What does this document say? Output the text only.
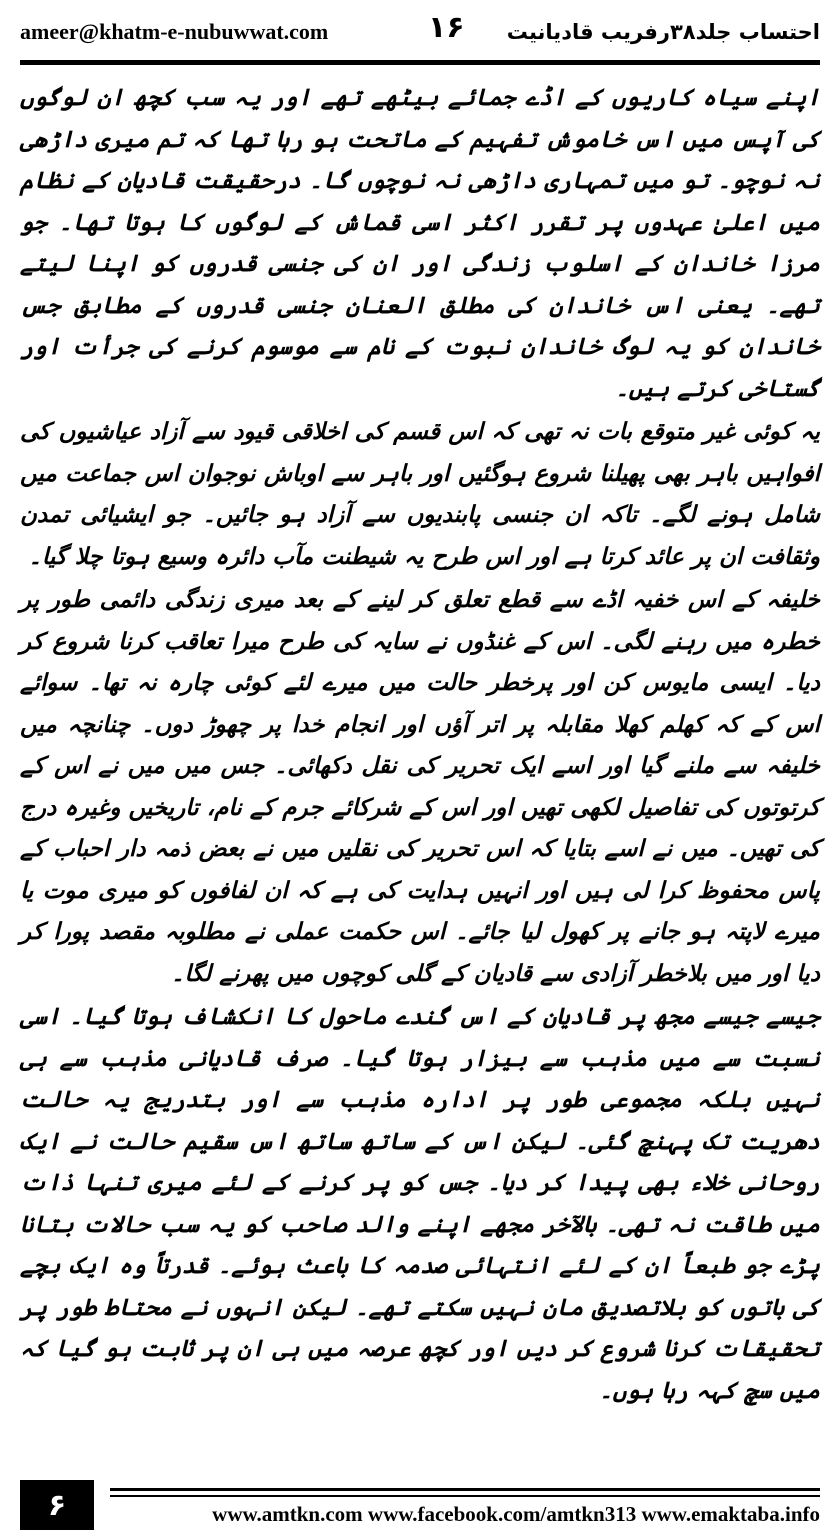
ameer@khatm-e-nubuwwat.com	۱۶ احتساب جلد۳۸رفریب قادیانیت

اپنے سیاہ کاریوں کے اڈے جمائے بیٹھے تھے اور یہ سب کچھ ان لوگوں کی آپس میں اس خاموش تفہیم کے ماتحت ہو رہا تھا کہ تم میری داڑھی نہ نوچو۔ تو میں تمہاری داڑھی نہ نوچوں گا۔ درحقیقت قادیان کے نظام میں اعلیٰ عہدوں پر تقرر اکثر اسی قماش کے لوگوں کا ہوتا تھا۔ جو مرزا خاندان کے اسلوب زندگی اور ان کی جنسی قدروں کو اپنا لیتے تھے۔ یعنی اس خاندان کی مطلق العنان جنسی قدروں کے مطابق جس خاندان کو یہ لوگ خاندان نبوت کے نام سے موسوم کرنے کی جرأت اور گستاخی کرتے ہیں۔

یہ کوئی غیر متوقع بات نہ تھی کہ اس قسم کی اخلاقی قیود سے آزاد عیاشیوں کی افواہیں باہر بھی پھیلنا شروع ہوگئیں اور باہر سے اوباش نوجوان اس جماعت میں شامل ہونے لگے۔ تاکہ ان جنسی پابندیوں سے آزاد ہو جائیں۔ جو ایشیائی تمدن وثقافت ان پر عائد کرتا ہے اور اس طرح یہ شیطنت مآب دائرہ وسیع ہوتا چلا گیا۔

خلیفہ کے اس خفیہ اڈے سے قطع تعلق کر لینے کے بعد میری زندگی دائمی طور پر خطرہ میں رہنے لگی۔ اس کے غنڈوں نے سایہ کی طرح میرا تعاقب کرنا شروع کر دیا۔ ایسی مایوس کن اور پرخطر حالت میں میرے لئے کوئی چارہ نہ تھا۔ سوائے اس کے کہ کھلم کھلا مقابلہ پر اتر آؤں اور انجام خدا پر چھوڑ دوں۔ چنانچہ میں خلیفہ سے ملنے گیا اور اسے ایک تحریر کی نقل دکھائی۔ جس میں میں نے اس کے کرتوتوں کی تفاصیل لکھی تھیں اور اس کے شرکائے جرم کے نام، تاریخیں وغیرہ درج کی تھیں۔ میں نے اسے بتایا کہ اس تحریر کی نقلیں میں نے بعض ذمہ دار احباب کے پاس محفوظ کرا لی ہیں اور انہیں ہدایت کی ہے کہ ان لفافوں کو میری موت یا میرے لاپتہ ہو جانے پر کھول لیا جائے۔ اس حکمت عملی نے مطلوبہ مقصد پورا کر دیا اور میں بلاخطر آزادی سے قادیان کے گلی کوچوں میں پھرنے لگا۔

جیسے جیسے مجھ پر قادیان کے اس گندے ماحول کا انکشاف ہوتا گیا۔ اسی نسبت سے میں مذہب سے بیزار ہوتا گیا۔ صرف قادیانی مذہب سے ہی نہیں بلکہ مجموعی طور پر ادارہ مذہب سے اور بتدریج یہ حالت دھریت تک پہنچ گئی۔ لیکن اس کے ساتھ ساتھ اس سقیم حالت نے ایک روحانی خلاء بھی پیدا کر دیا۔ جس کو پر کرنے کے لئے میری تنہا ذات میں طاقت نہ تھی۔ بالآخر مجھے اپنے والد صاحب کو یہ سب حالات بتانا پڑے جو طبعاً ان کے لئے انتہائی صدمہ کا باعث ہوئے۔ قدرتاً وہ ایک بچے کی باتوں کو بلاتصدیق مان نہیں سکتے تھے۔ لیکن انہوں نے محتاط طور پر تحقیقات کرنا شروع کر دیں اور کچھ عرصہ میں ہی ان پر ثابت ہو گیا کہ میں سچ کہہ رہا ہوں۔

۶	www.amtkn.com www.facebook.com/amtkn313 www.emaktaba.info
